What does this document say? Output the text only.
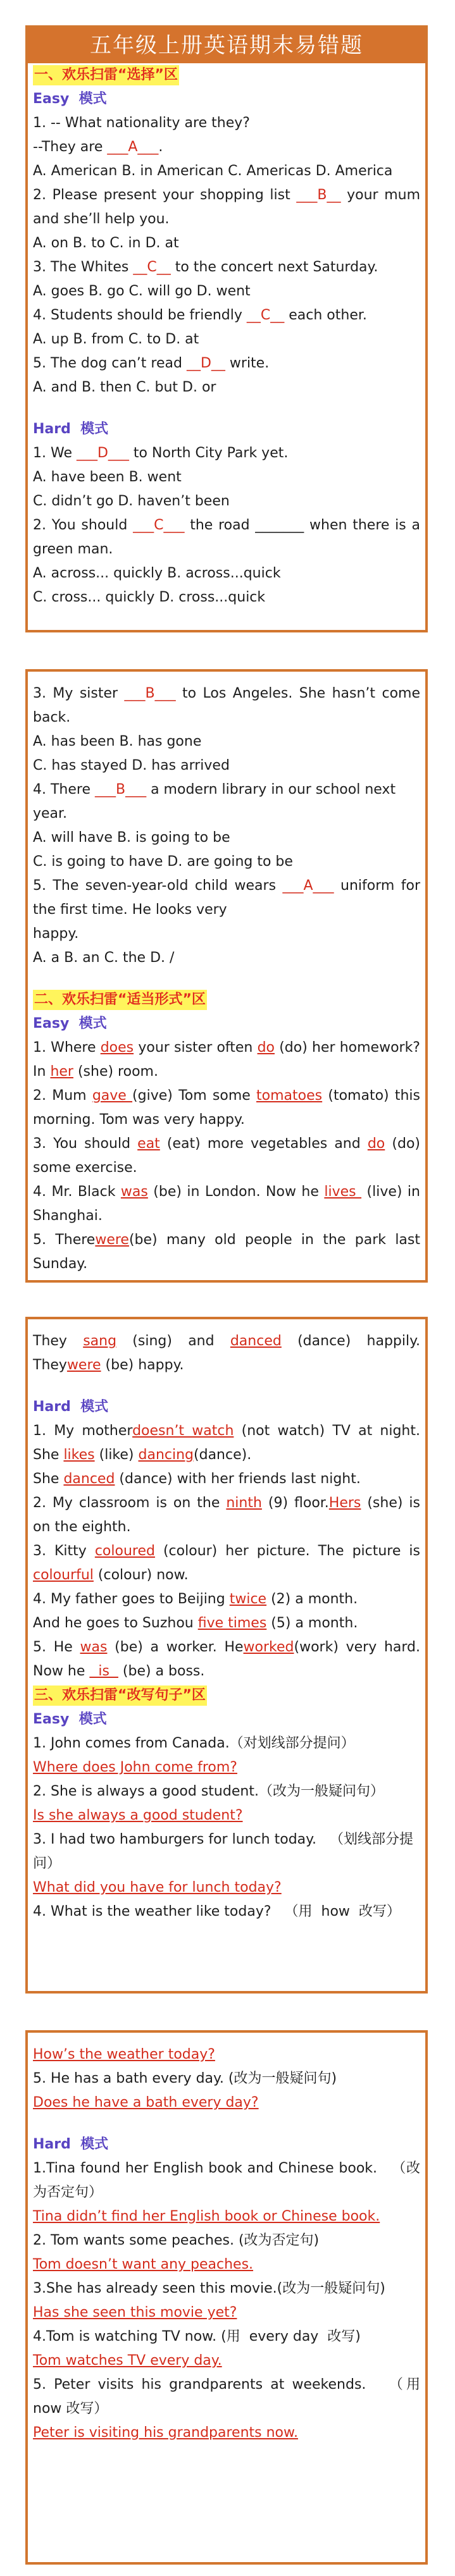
五年级上册英语期末易错题
一、欢乐扫雷“选择”区
Easy  模式
1. -- What nationality are they?
--They are ___A___.
A. American B. in American C. Americas D. America
2. Please present your shopping list ___B__ your mum and she’ll help you.
A. on B. to C. in D. at
3. The Whites __C__ to the concert next Saturday.
A. goes B. go C. will go D. went
4. Students should be friendly __C__ each other.
A. up B. from C. to D. at
5. The dog can’t read __D__ write.
A. and B. then C. but D. or
Hard  模式
1. We ___D___ to North City Park yet.
A. have been B. went
C. didn’t go D. haven’t been
2. You should ___C___ the road _______ when there is a green man.
A. across... quickly B. across...quick
C. cross... quickly D. cross...quick
3. My sister ___B___ to Los Angeles. She hasn’t come back.
A. has been B. has gone
C. has stayed D. has arrived
4. There ___B___ a modern library in our school next year.
A. will have B. is going to be
C. is going to have D. are going to be
5. The seven-year-old child wears ___A___ uniform for the first time. He looks very
happy.
A. a B. an C. the D. /
二、欢乐扫雷“适当形式”区
Easy  模式
1. Where does your sister often do (do) her homework? In her (she) room.
2. Mum gave (give) Tom some tomatoes (tomato) this morning. Tom was very happy.
3. You should eat (eat) more vegetables and do (do) some exercise.
4. Mr. Black was (be) in London. Now he lives  (live) in Shanghai.
5. Therewere(be) many old people in the park last Sunday.
They sang (sing) and danced (dance) happily. Theywere (be) happy.
Hard  模式
1. My motherdoesn’t watch (not watch) TV at night. She likes (like) dancing(dance).
She danced (dance) with her friends last night.
2. My classroom is on the ninth (9) floor.Hers (she) is on the eighth.
3. Kitty coloured (colour) her picture. The picture is colourful (colour) now.
4. My father goes to Beijing twice (2) a month.
And he goes to Suzhou five times (5) a month.
5. He was (be) a worker. Heworked(work) very hard. Now he   is   (be) a boss.
三、欢乐扫雷“改写句子”区
Easy  模式
1. John comes from Canada.（对划线部分提问）
Where does John come from?
2. She is always a good student.（改为一般疑问句）
Is she always a good student?
3. I had two hamburgers for lunch today.   （划线部分提问）
What did you have for lunch today?
4. What is the weather like today?   （用  how  改写）
How’s the weather today?
5. He has a bath every day. (改为一般疑问句)
Does he have a bath every day?
Hard  模式
1.Tina found her English book and Chinese book.   （改为否定句）
Tina didn’t find her English book or Chinese book.
2. Tom wants some peaches. (改为否定句)
Tom doesn’t want any peaches.
3.She has already seen this movie.(改为一般疑问句)
Has she seen this movie yet?
4.Tom is watching TV now. (用  every day  改写)
Tom watches TV every day.
5. Peter visits his grandparents at weekends.   （用 now 改写）
Peter is visiting his grandparents now.
